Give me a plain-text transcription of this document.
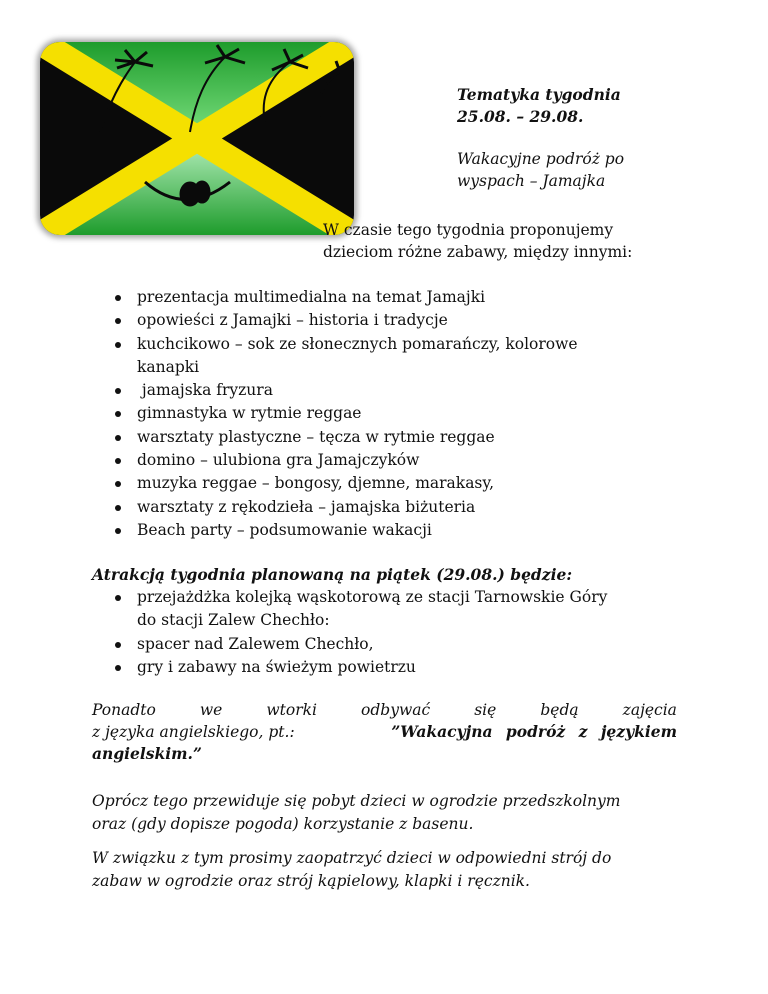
Tematyka tygodnia
25.08. – 29.08.
Wakacyjne podróż po
wyspach – Jamajka
W czasie tego tygodnia proponujemy
dzieciom różne zabawy, między innymi:
prezentacja multimedialna na temat Jamajki
opowieści z Jamajki – historia i tradycje
kuchcikowo – sok ze słonecznych pomarańczy, kolorowe
kanapki
jamajska fryzura
gimnastyka w rytmie reggae
warsztaty plastyczne – tęcza w rytmie reggae
domino – ulubiona gra Jamajczyków
muzyka reggae – bongosy, djemne, marakasy,
warsztaty z rękodzieła – jamajska biżuteria
Beach party – podsumowanie wakacji
Atrakcją tygodnia planowaną na piątek (29.08.) będzie:
przejażdżka kolejką wąskotorową ze stacji Tarnowskie Góry
do stacji Zalew Chechło:
spacer nad Zalewem Chechło,
gry i zabawy na świeżym powietrzu
Ponadto	we	wtorki	odbywać	się	będą	zajęcia
z języka angielskiego, pt.:	”Wakacyjna podróż z językiem
angielskim.”
Oprócz tego przewiduje się pobyt dzieci w ogrodzie przedszkolnym
oraz (gdy dopisze pogoda) korzystanie z basenu.
W związku z tym prosimy zaopatrzyć dzieci w odpowiedni strój do
zabaw w ogrodzie oraz strój kąpielowy, klapki i ręcznik.
